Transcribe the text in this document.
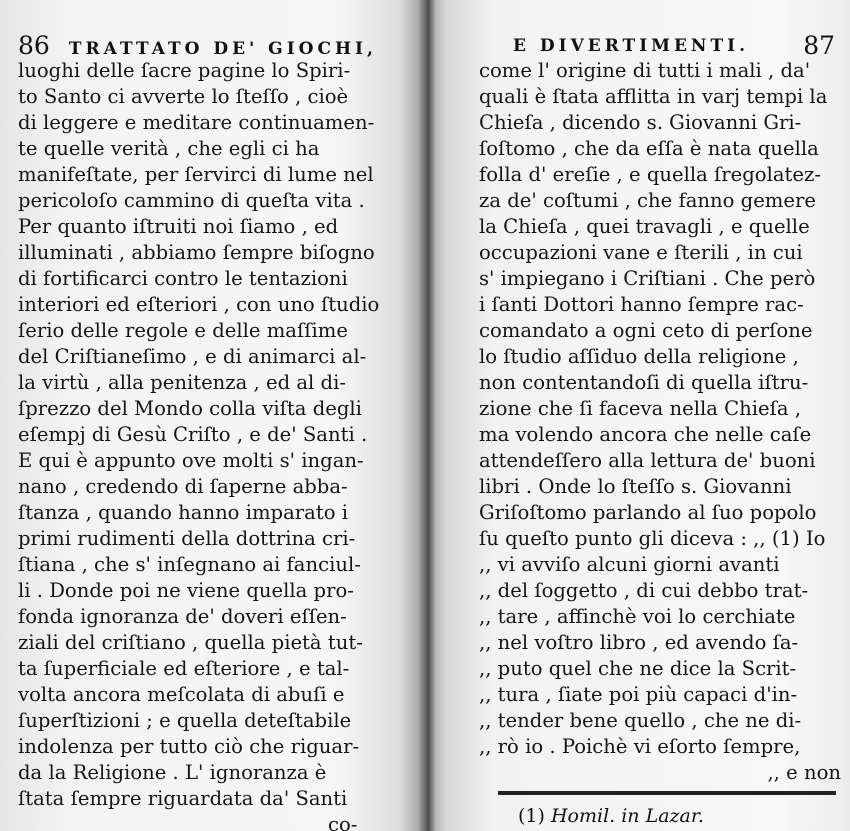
86 TRATTATO DE' GIOCHI,
luoghi delle ſacre pagine lo Spiri-
to Santo ci avverte lo ſteſſo , cioè
di leggere e meditare continuamen-
te quelle verità , che egli ci ha
manifeſtate, per ſervirci di lume nel
pericoloſo cammino di queſta vita .
Per quanto iſtruiti noi ſiamo , ed
illuminati , abbiamo ſempre biſogno
di fortificarci contro le tentazioni
interiori ed eſteriori , con uno ſtudio
ſerio delle regole e delle maſſime
del Criſtianeſimo , e di animarci al-
la virtù , alla penitenza , ed al di-
ſprezzo del Mondo colla viſta degli
eſempj di Gesù Criſto , e de' Santi .
E qui è appunto ove molti s' ingan-
nano , credendo di ſaperne abba-
ſtanza , quando hanno imparato i
primi rudimenti della dottrina cri-
ſtiana , che s' inſegnano ai fanciul-
li . Donde poi ne viene quella pro-
fonda ignoranza de' doveri eſſen-
ziali del criſtiano , quella pietà tut-
ta ſuperficiale ed eſteriore , e tal-
volta ancora meſcolata di abuſi e
ſuperſtizioni ; e quella deteſtabile
indolenza per tutto ciò che riguar-
da la Religione . L' ignoranza è
ſtata ſempre riguardata da' Santi
co-
E DIVERTIMENTI. 87
come l' origine di tutti i mali , da'
quali è ſtata afflitta in varj tempi la
Chieſa , dicendo s. Giovanni Gri-
ſoſtomo , che da eſſa è nata quella
folla d' ereſie , e quella ſregolatez-
za de' coſtumi , che fanno gemere
la Chieſa , quei travagli , e quelle
occupazioni vane e ſterili , in cui
s' impiegano i Criſtiani . Che però
i ſanti Dottori hanno ſempre rac-
comandato a ogni ceto di perſone
lo ſtudio aſſiduo della religione ,
non contentandoſi di quella iſtru-
zione che ſi faceva nella Chieſa ,
ma volendo ancora che nelle caſe
attendeſſero alla lettura de' buoni
libri . Onde lo ſteſſo s. Giovanni
Griſoſtomo parlando al ſuo popolo
ſu queſto punto gli diceva : ,, (1) Io
,, vi avviſo alcuni giorni avanti
,, del ſoggetto , di cui debbo trat-
,, tare , affinchè voi lo cerchiate
,, nel voſtro libro , ed avendo ſa-
,, puto quel che ne dice la Scrit-
,, tura , ſiate poi più capaci d'in-
,, tender bene quello , che ne di-
,, rò io . Poichè vi eſorto ſempre,
,, e non
(1) Homil. in Lazar.
